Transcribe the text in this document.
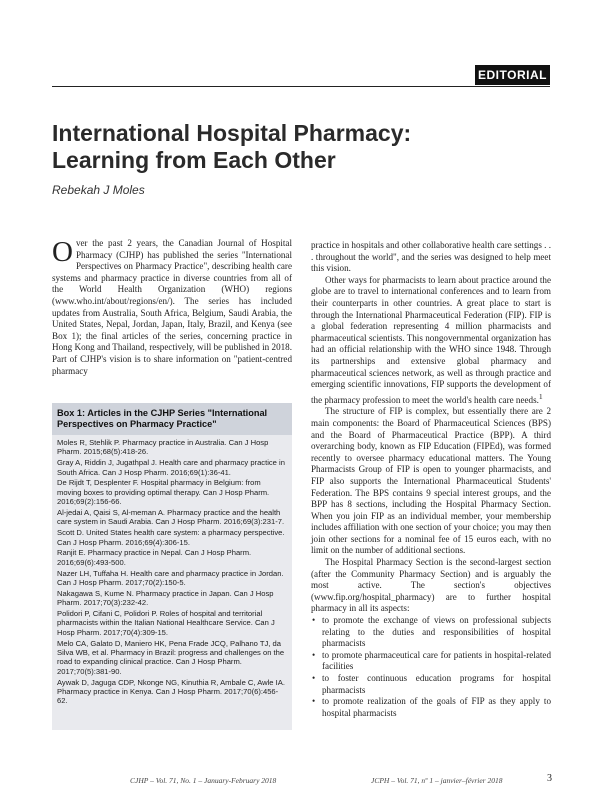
EDITORIAL
International Hospital Pharmacy: Learning from Each Other
Rebekah J Moles

O ver the past 2 years, the Canadian Journal of Hospital Pharmacy (CJHP) has published the series "International Perspectives on Pharmacy Practice", describing health care systems and pharmacy practice in diverse countries from all of the World Health Organization (WHO) regions (www.who.int/about/regions/en/). The series has included updates from Australia, South Africa, Belgium, Saudi Arabia, the United States, Nepal, Jordan, Japan, Italy, Brazil, and Kenya (see Box 1); the final articles of the series, concerning practice in Hong Kong and Thailand, respectively, will be published in 2018. Part of CJHP's vision is to share information on "patient-centred pharmacy

Box 1: Articles in the CJHP Series "International Perspectives on Pharmacy Practice"
Moles R, Stehlik P. Pharmacy practice in Australia. Can J Hosp Pharm. 2015;68(5):418-26.
Gray A, Riddin J, Jugathpal J. Health care and pharmacy practice in South Africa. Can J Hosp Pharm. 2016;69(1):36-41.
De Rijdt T, Desplenter F. Hospital pharmacy in Belgium: from moving boxes to providing optimal therapy. Can J Hosp Pharm. 2016;69(2):156-66.
Al-jedai A, Qaisi S, Al-meman A. Pharmacy practice and the health care system in Saudi Arabia. Can J Hosp Pharm. 2016;69(3):231-7.
Scott D. United States health care system: a pharmacy perspective. Can J Hosp Pharm. 2016;69(4):306-15.
Ranjit E. Pharmacy practice in Nepal. Can J Hosp Pharm. 2016;69(6):493-500.
Nazer LH, Tuffaha H. Health care and pharmacy practice in Jordan. Can J Hosp Pharm. 2017;70(2):150-5.
Nakagawa S, Kume N. Pharmacy practice in Japan. Can J Hosp Pharm. 2017;70(3):232-42.
Polidori P, Cifani C, Polidori P. Roles of hospital and territorial pharmacists within the Italian National Healthcare Service. Can J Hosp Pharm. 2017;70(4):309-15.
Melo CA, Galato D, Maniero HK, Pena Frade JCQ, Palhano TJ, da Silva WB, et al. Pharmacy in Brazil: progress and challenges on the road to expanding clinical practice. Can J Hosp Pharm. 2017;70(5):381-90.
Aywak D, Jaguga CDP, Nkonge NG, Kinuthia R, Ambale C, Awle IA. Pharmacy practice in Kenya. Can J Hosp Pharm. 2017;70(6):456-62.

practice in hospitals and other collaborative health care settings . . . throughout the world", and the series was designed to help meet this vision.

Other ways for pharmacists to learn about practice around the globe are to travel to international conferences and to learn from their counterparts in other countries. A great place to start is through the International Pharmaceutical Federation (FIP). FIP is a global federation representing 4 million pharmacists and pharmaceutical scientists. This nongovernmental organization has had an official relationship with the WHO since 1948. Through its partnerships and extensive global pharmacy and pharmaceutical sciences network, as well as through practice and emerging scientific innovations, FIP supports the development of the pharmacy profession to meet the world's health care needs.$^1$

The structure of FIP is complex, but essentially there are 2 main components: the Board of Pharmaceutical Sciences (BPS) and the Board of Pharmaceutical Practice (BPP). A third overarching body, known as FIP Education (FIPEd), was formed recently to oversee pharmacy educational matters. The Young Pharmacists Group of FIP is open to younger pharmacists, and FIP also supports the International Pharmaceutical Students' Federation. The BPS contains 9 special interest groups, and the BPP has 8 sections, including the Hospital Pharmacy Section. When you join FIP as an individual member, your membership includes affiliation with one section of your choice; you may then join other sections for a nominal fee of 15 euros each, with no limit on the number of additional sections.

The Hospital Pharmacy Section is the second-largest section (after the Community Pharmacy Section) and is arguably the most active. The section's objectives (www.fip.org/hospital_pharmacy) are to further hospital pharmacy in all its aspects:

• to promote the exchange of views on professional subjects relating to the duties and responsibilities of hospital pharmacists
• to promote pharmaceutical care for patients in hospital-related facilities
• to foster continuous education programs for hospital pharmacists
• to promote realization of the goals of FIP as they apply to hospital pharmacists
CJHP – Vol. 71, No. 1 – January-February 2018	JCPH – Vol. 71, nº 1 – janvier–février 2018	3
